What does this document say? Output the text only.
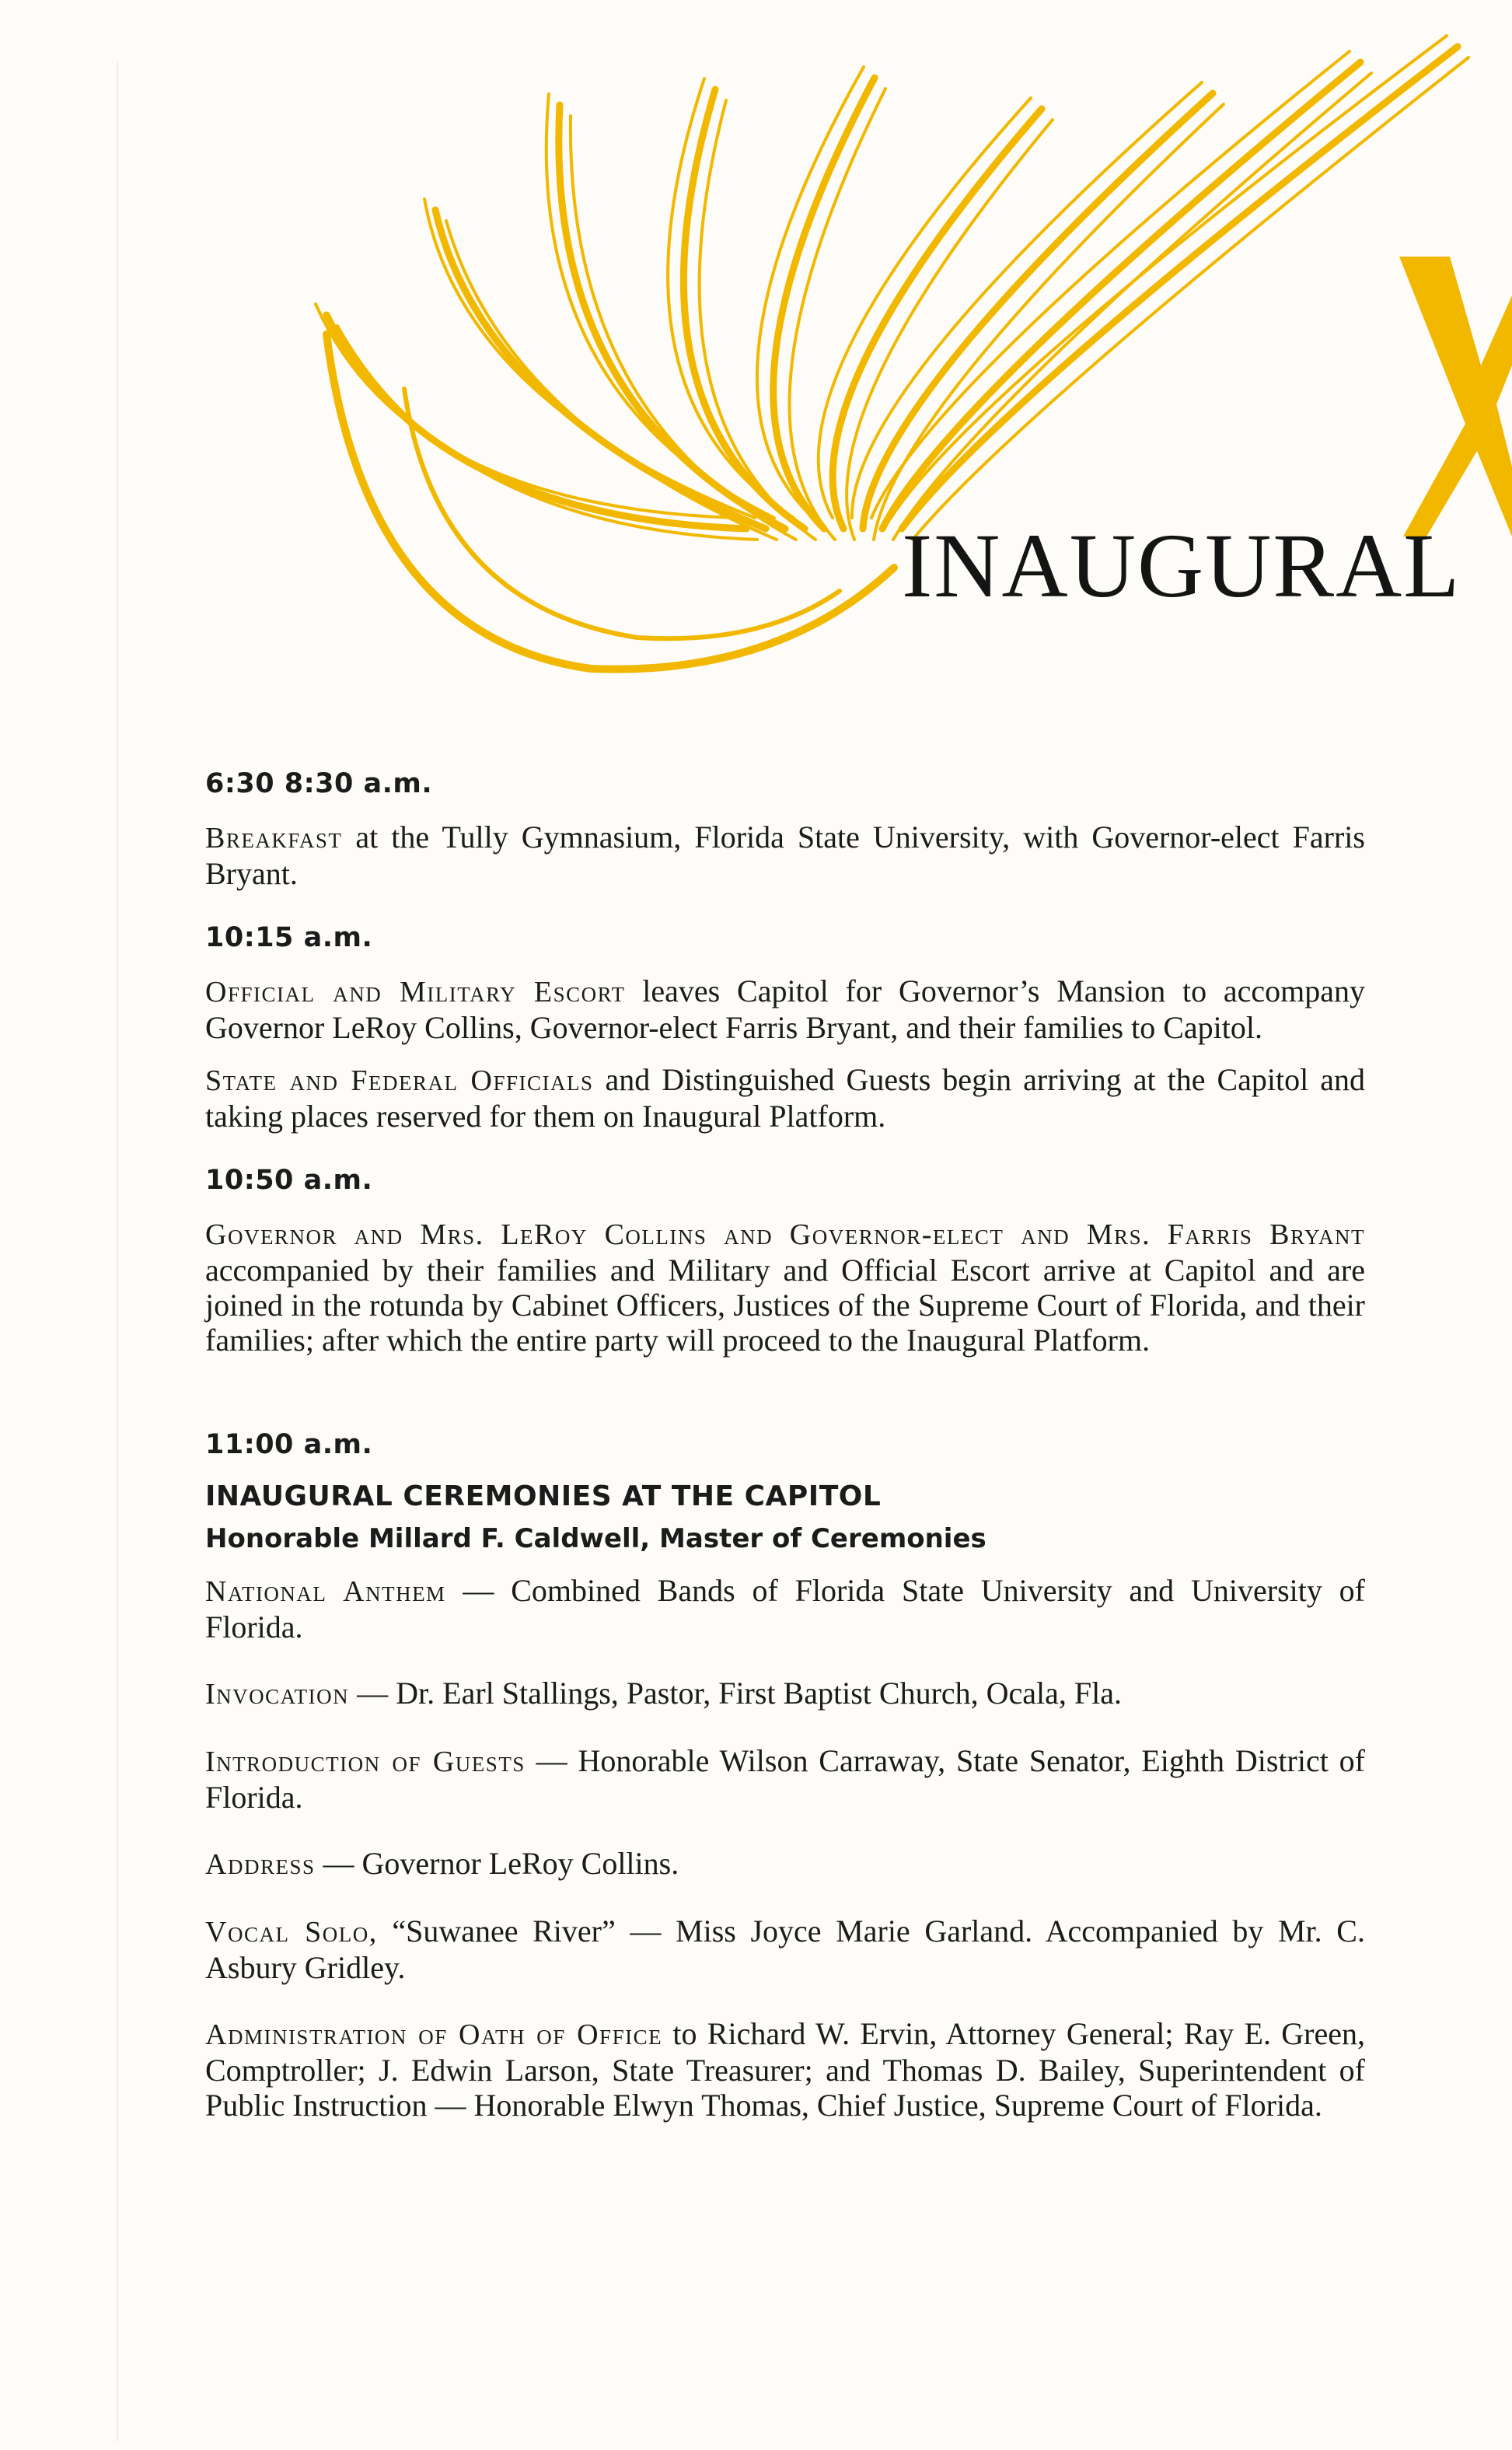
INAUGURAL
6:30 8:30 a.m.

Breakfast at the Tully Gymnasium, Florida State University, with Governor-elect Farris Bryant.

10:15 a.m.

Official and Military Escort leaves Capitol for Governor’s Mansion to accompany Governor LeRoy Collins, Governor-elect Farris Bryant, and their families to Capitol.

State and Federal Officials and Distinguished Guests begin arriving at the Capitol and taking places reserved for them on Inaugural Platform.

10:50 a.m.

Governor and Mrs. LeRoy Collins and Governor-elect and Mrs. Farris Bryant accompanied by their families and Military and Official Escort arrive at Capitol and are joined in the rotunda by Cabinet Officers, Justices of the Supreme Court of Florida, and their families; after which the entire party will proceed to the Inaugural Platform.

11:00 a.m.
INAUGURAL CEREMONIES AT THE CAPITOL
Honorable Millard F. Caldwell, Master of Ceremonies

National Anthem — Combined Bands of Florida State University and University of Florida.

Invocation — Dr. Earl Stallings, Pastor, First Baptist Church, Ocala, Fla.

Introduction of Guests — Honorable Wilson Carraway, State Senator, Eighth District of Florida.

Address — Governor LeRoy Collins.

Vocal Solo, “Suwanee River” — Miss Joyce Marie Garland. Accompanied by Mr. C. Asbury Gridley.

Administration of Oath of Office to Richard W. Ervin, Attorney General; Ray E. Green, Comptroller; J. Edwin Larson, State Treasurer; and Thomas D. Bailey, Superintendent of Public Instruction — Honorable Elwyn Thomas, Chief Justice, Supreme Court of Florida.
